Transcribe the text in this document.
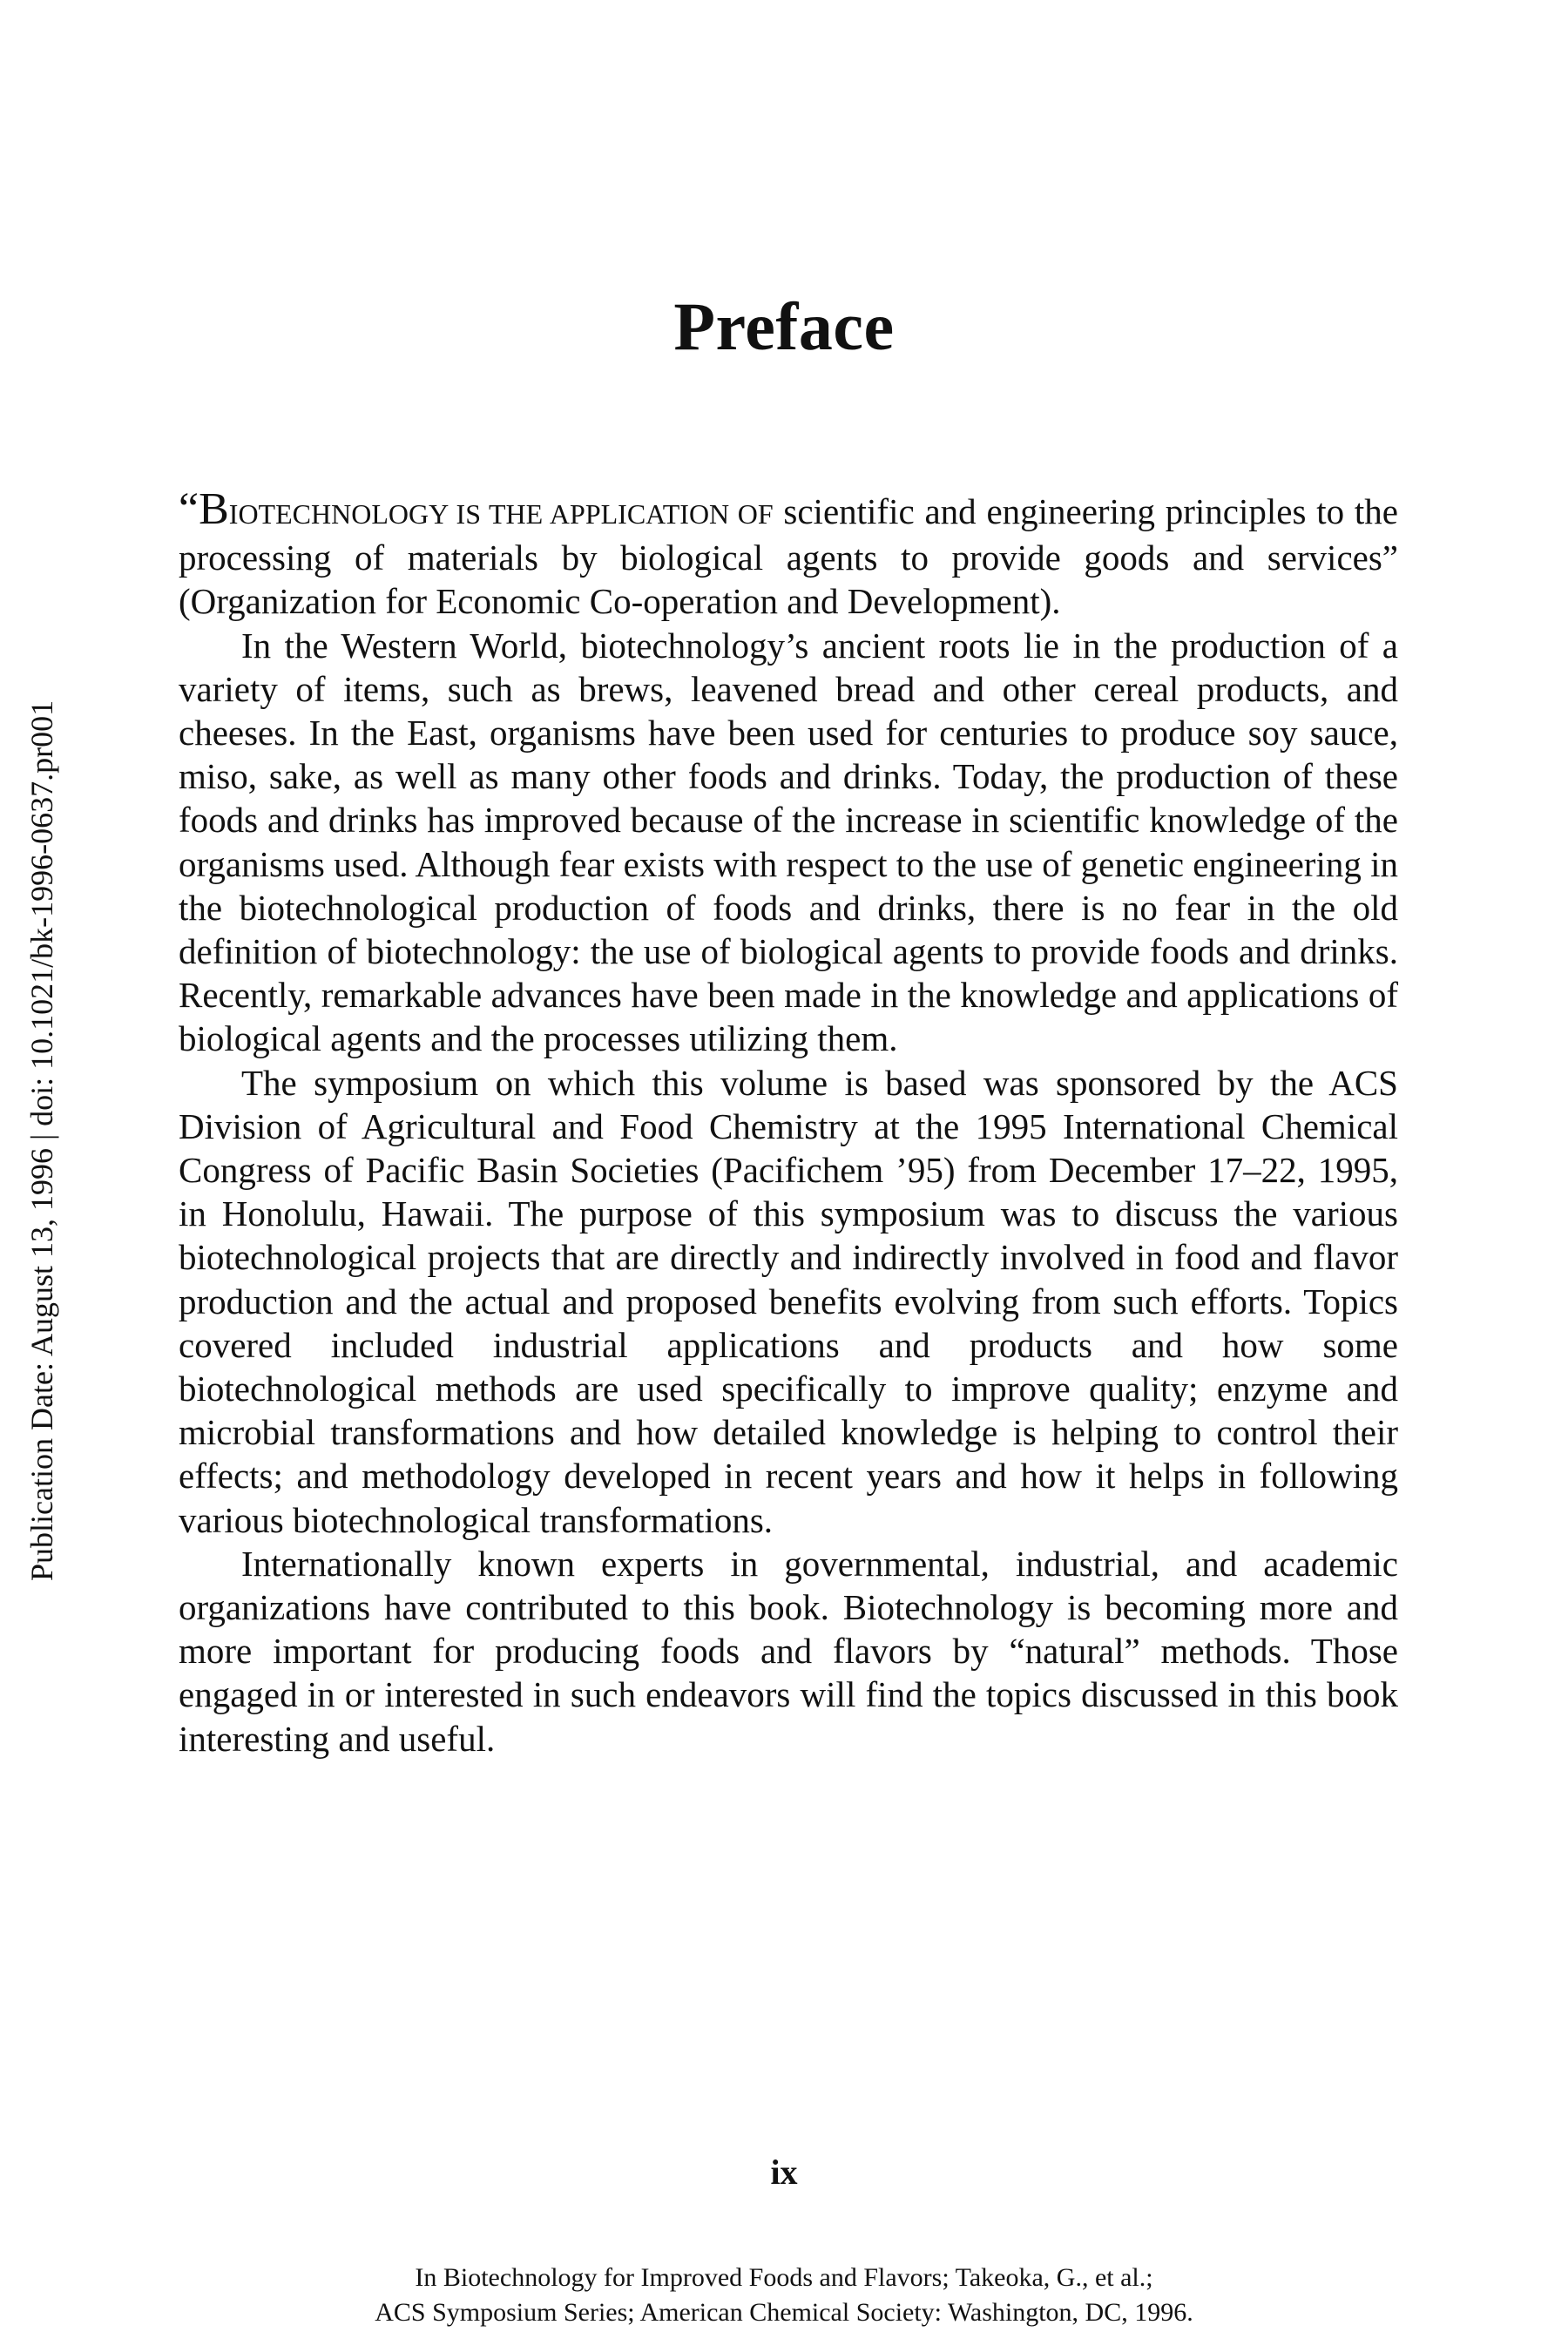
Preface
Publication Date: August 13, 1996 | doi: 10.1021/bk-1996-0637.pr001

“BIOTECHNOLOGY IS THE APPLICATION OF scientific and engineering principles to the processing of materials by biological agents to provide goods and services” (Organization for Economic Co-operation and Development).

In the Western World, biotechnology’s ancient roots lie in the production of a variety of items, such as brews, leavened bread and other cereal products, and cheeses. In the East, organisms have been used for centuries to produce soy sauce, miso, sake, as well as many other foods and drinks. Today, the production of these foods and drinks has improved because of the increase in scientific knowledge of the organisms used. Although fear exists with respect to the use of genetic engineering in the biotechnological production of foods and drinks, there is no fear in the old definition of biotechnology: the use of biological agents to provide foods and drinks. Recently, remarkable advances have been made in the knowledge and applications of biological agents and the processes utilizing them.

The symposium on which this volume is based was sponsored by the ACS Division of Agricultural and Food Chemistry at the 1995 International Chemical Congress of Pacific Basin Societies (Pacifichem ’95) from December 17–22, 1995, in Honolulu, Hawaii. The purpose of this symposium was to discuss the various biotechnological projects that are directly and indirectly involved in food and flavor production and the actual and proposed benefits evolving from such efforts. Topics covered included industrial applications and products and how some biotechnological methods are used specifically to improve quality; enzyme and microbial transformations and how detailed knowledge is helping to control their effects; and methodology developed in recent years and how it helps in following various biotechnological transformations.

Internationally known experts in governmental, industrial, and academic organizations have contributed to this book. Biotechnology is becoming more and more important for producing foods and flavors by “natural” methods. Those engaged in or interested in such endeavors will find the topics discussed in this book interesting and useful.

ix
In Biotechnology for Improved Foods and Flavors; Takeoka, G., et al.;
ACS Symposium Series; American Chemical Society: Washington, DC, 1996.
